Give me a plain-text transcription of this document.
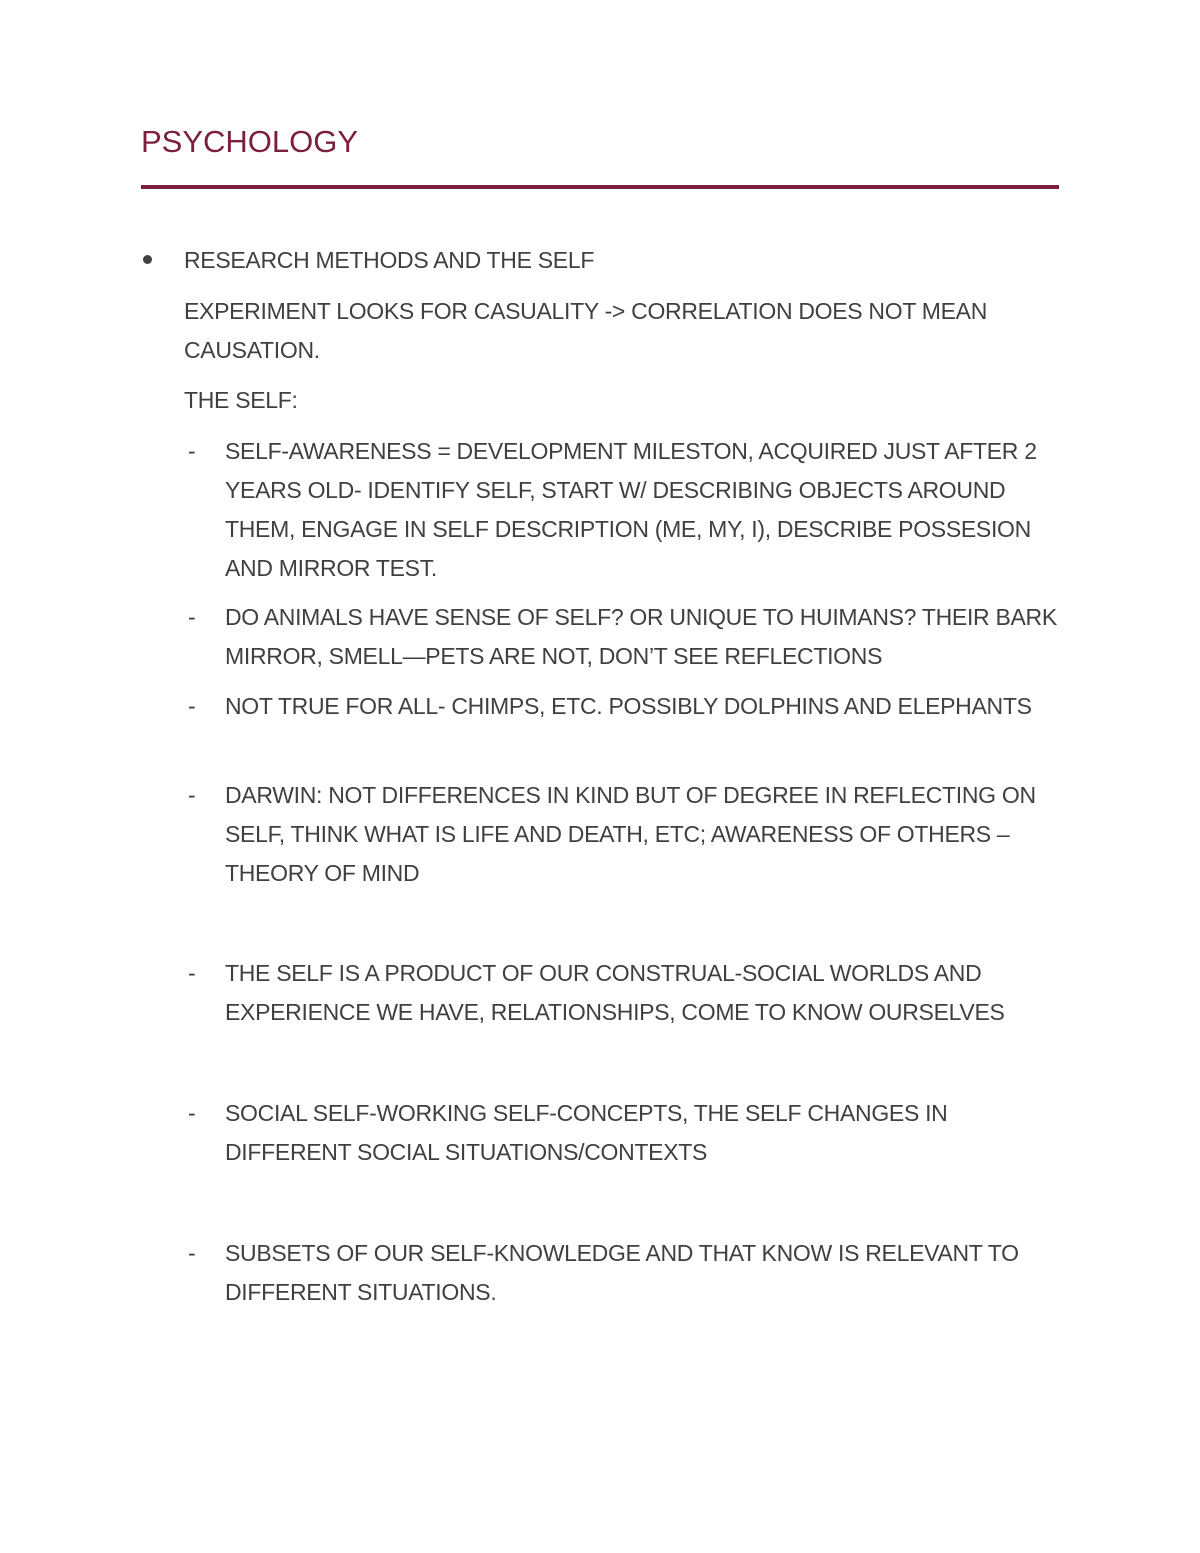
PSYCHOLOGY
RESEARCH METHODS AND THE SELF
EXPERIMENT LOOKS FOR CASUALITY -> CORRELATION DOES NOT MEAN
CAUSATION.
THE SELF:
- SELF-AWARENESS = DEVELOPMENT MILESTON, ACQUIRED JUST AFTER 2 YEARS OLD- IDENTIFY SELF, START W/ DESCRIBING OBJECTS AROUND THEM, ENGAGE IN SELF DESCRIPTION (ME, MY, I), DESCRIBE POSSESION AND MIRROR TEST.
- DO ANIMALS HAVE SENSE OF SELF? OR UNIQUE TO HUIMANS? THEIR BARK MIRROR, SMELL—PETS ARE NOT, DON’T SEE REFLECTIONS
- NOT TRUE FOR ALL- CHIMPS, ETC. POSSIBLY DOLPHINS AND ELEPHANTS
- DARWIN: NOT DIFFERENCES IN KIND BUT OF DEGREE IN REFLECTING ON SELF, THINK WHAT IS LIFE AND DEATH, ETC; AWARENESS OF OTHERS – THEORY OF MIND
- THE SELF IS A PRODUCT OF OUR CONSTRUAL-SOCIAL WORLDS AND EXPERIENCE WE HAVE, RELATIONSHIPS, COME TO KNOW OURSELVES
- SOCIAL SELF-WORKING SELF-CONCEPTS, THE SELF CHANGES IN DIFFERENT SOCIAL SITUATIONS/CONTEXTS
- SUBSETS OF OUR SELF-KNOWLEDGE AND THAT KNOW IS RELEVANT TO DIFFERENT SITUATIONS.
